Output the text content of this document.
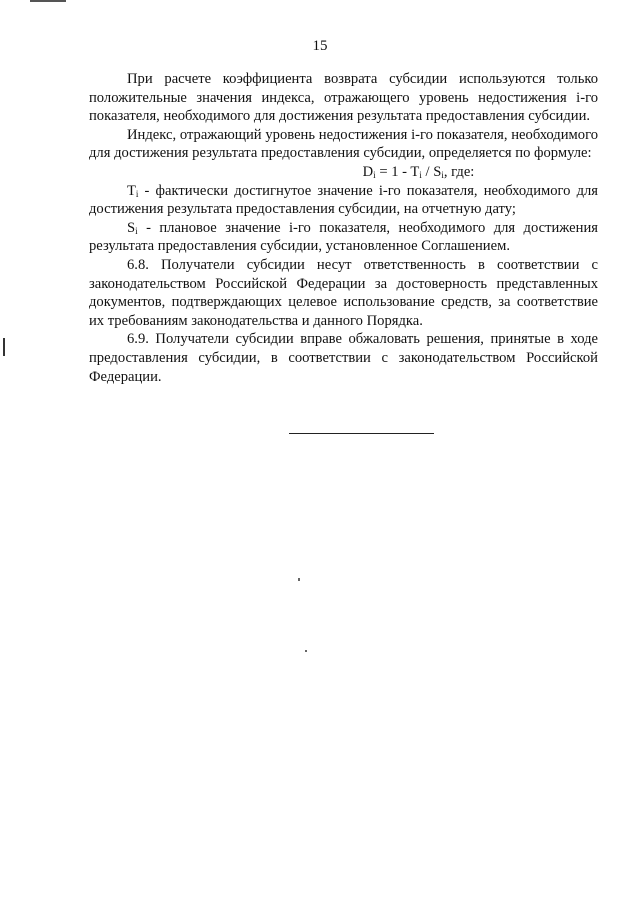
15

При расчете коэффициента возврата субсидии используются только положительные значения индекса, отражающего уровень недостижения i-го показателя, необходимого для достижения результата предоставления субсидии.

Индекс, отражающий уровень недостижения i-го показателя, необходимого для достижения результата предоставления субсидии, определяется по формуле:

$D_i = 1 - T_i / S_i$, где:

$T_i$ - фактически достигнутое значение i-го показателя, необходимого для достижения результата предоставления субсидии, на отчетную дату;

$S_i$ - плановое значение i-го показателя, необходимого для достижения результата предоставления субсидии, установленное Соглашением.

6.8. Получатели субсидии несут ответственность в соответствии с законодательством Российской Федерации за достоверность представленных документов, подтверждающих целевое использование средств, за соответствие их требованиям законодательства и данного Порядка.

6.9. Получатели субсидии вправе обжаловать решения, принятые в ходе предоставления субсидии, в соответствии с законодательством Российской Федерации.
